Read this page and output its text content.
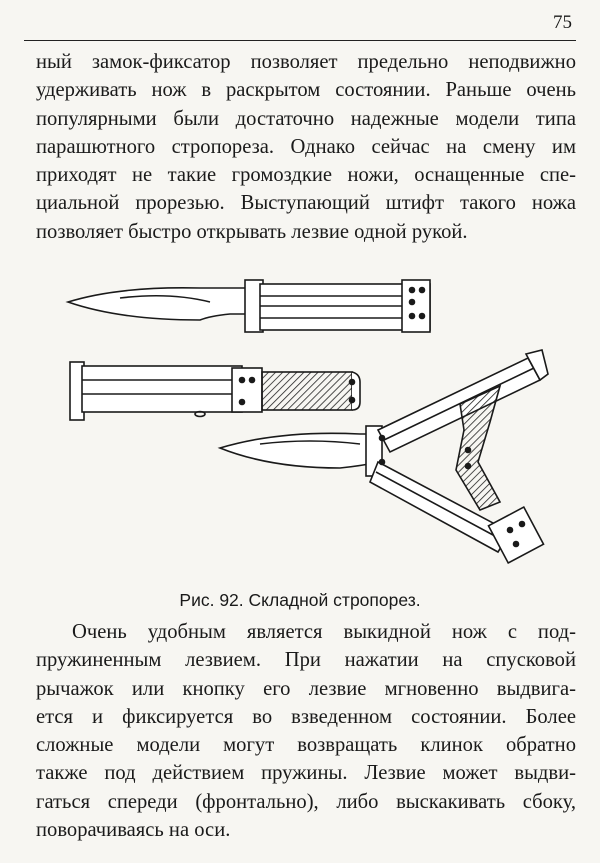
75
ный замок-фиксатор позволяет предельно неподвижно
удерживать нож в раскрытом состоянии. Раньше очень
популярными были достаточно надежные модели типа
парашютного стропореза. Однако сейчас на смену им
приходят не такие громоздкие ножи, оснащенные спе-
циальной прорезью. Выступающий штифт такого ножа
позволяет быстро открывать лезвие одной рукой.
Рис. 92. Складной стропорез.
Очень удобным является выкидной нож с под-
пружиненным лезвием. При нажатии на спусковой
рычажок или кнопку его лезвие мгновенно выдвига-
ется и фиксируется во взведенном состоянии. Более
сложные модели могут возвращать клинок обратно
также под действием пружины. Лезвие может выдви-
гаться спереди (фронтально), либо выскакивать сбоку,
поворачиваясь на оси.
